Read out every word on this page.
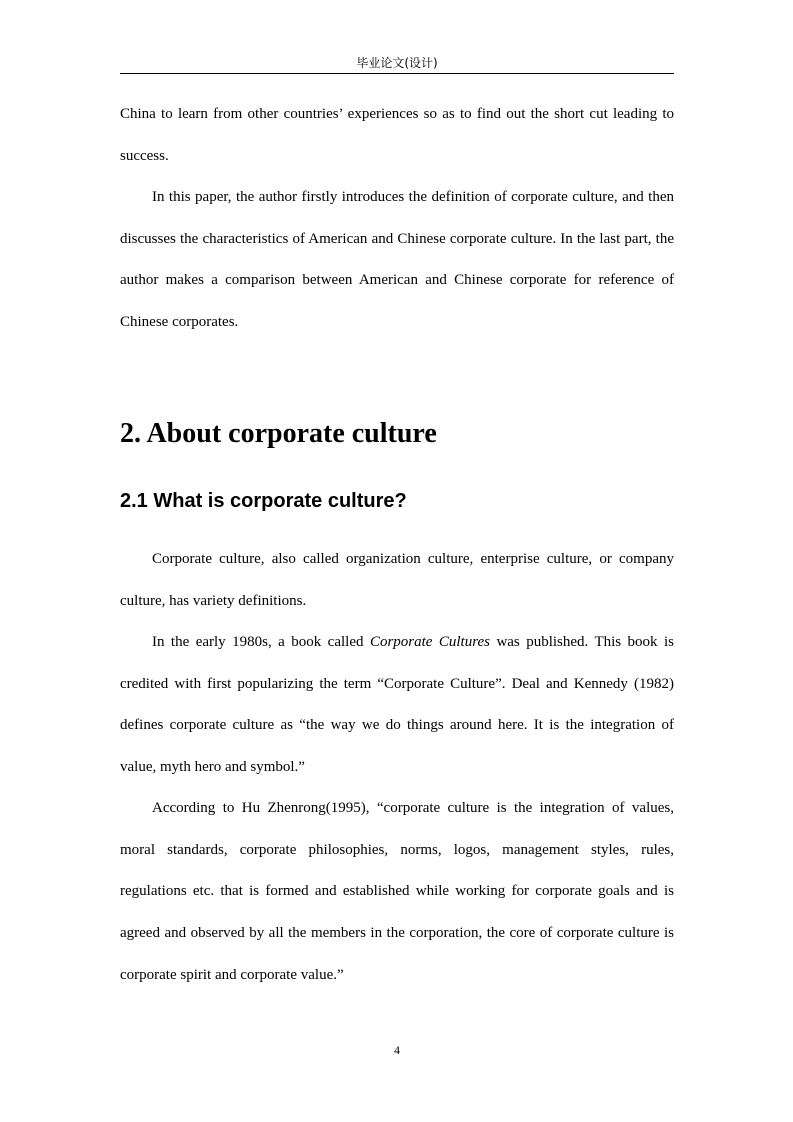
毕业论文(设计)

China to learn from other countries’ experiences so as to find out the short cut leading to success.

In this paper, the author firstly introduces the definition of corporate culture, and then discusses the characteristics of American and Chinese corporate culture. In the last part, the author makes a comparison between American and Chinese corporate for reference of Chinese corporates.

2. About corporate culture
2.1 What is corporate culture?

Corporate culture, also called organization culture, enterprise culture, or company culture, has variety definitions.

In the early 1980s, a book called Corporate Cultures was published. This book is credited with first popularizing the term “Corporate Culture”. Deal and Kennedy (1982) defines corporate culture as “the way we do things around here. It is the integration of value, myth hero and symbol.”

According to Hu Zhenrong(1995), “corporate culture is the integration of values, moral standards, corporate philosophies, norms, logos, management styles, rules, regulations etc. that is formed and established while working for corporate goals and is agreed and observed by all the members in the corporation, the core of corporate culture is corporate spirit and corporate value.”

4
